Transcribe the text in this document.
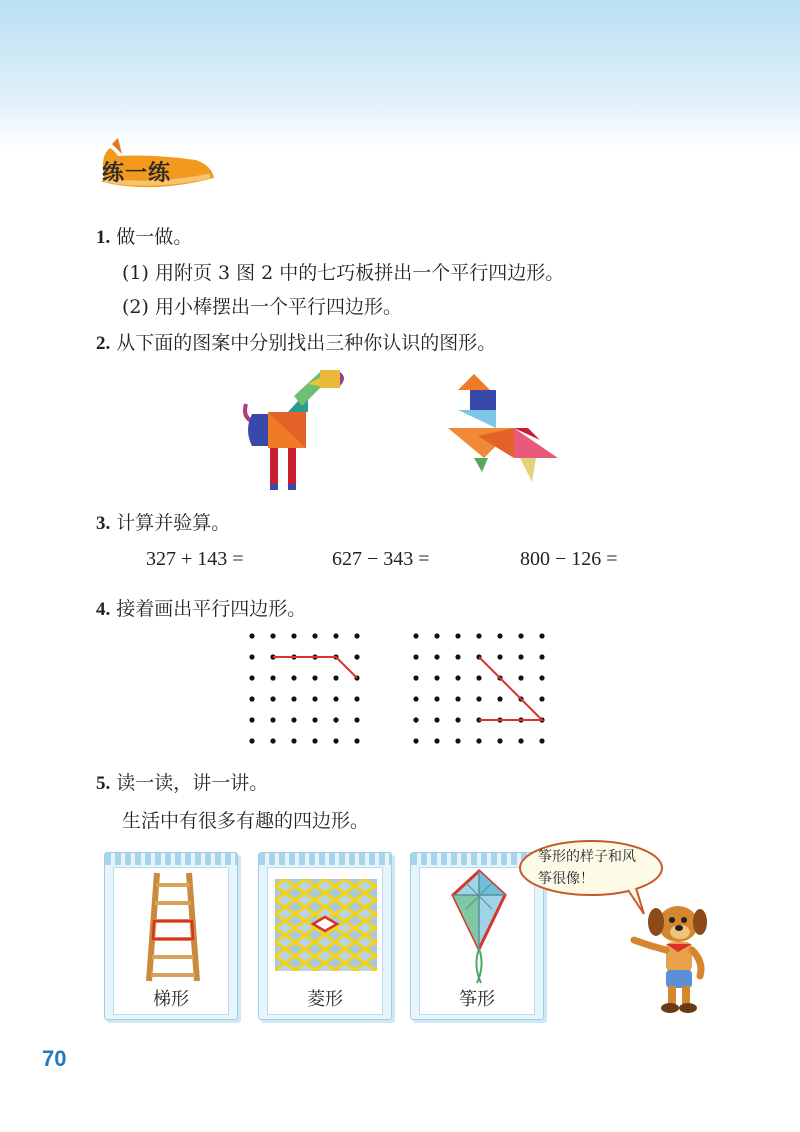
练一练
1. 做一做。
(1) 用附页 3 图 2 中的七巧板拼出一个平行四边形。
(2) 用小棒摆出一个平行四边形。
2. 从下面的图案中分别找出三种你认识的图形。
3. 计算并验算。
327 + 143 =	627 − 343 =	800 − 126 =
4. 接着画出平行四边形。
5. 读一读，讲一讲。
生活中有很多有趣的四边形。
梯形	菱形	筝形
筝形的样子和风
筝很像！
70
